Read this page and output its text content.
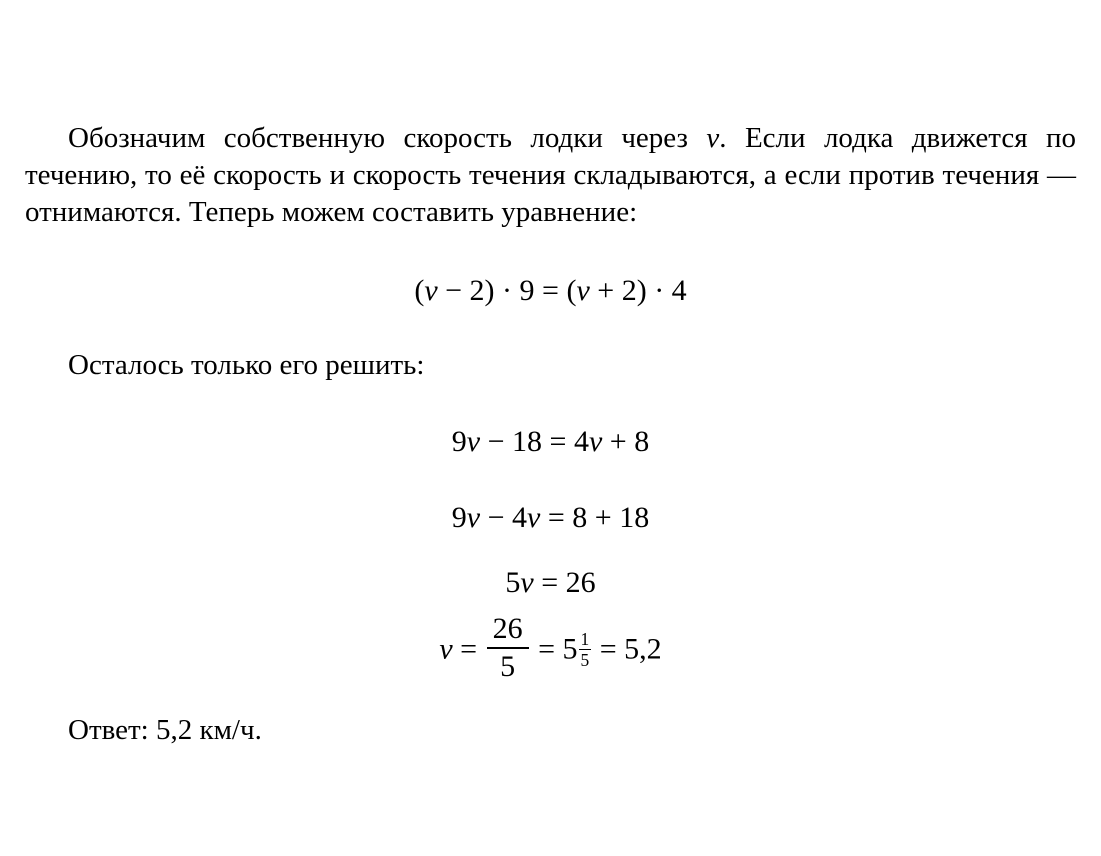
Обозначим собственную скорость лодки через v. Если лодка движется по течению, то её скорость и скорость течения складываются, а если против течения — отнимаются. Теперь можем составить уравнение:

(v − 2) · 9 = (v + 2) · 4

Осталось только его решить:

9v − 18 = 4v + 8
9v − 4v = 8 + 18
5v = 26
$v = \frac{26}{5} = 5 \frac{1}{5} = 5,2$

Ответ: 5,2 км/ч.
